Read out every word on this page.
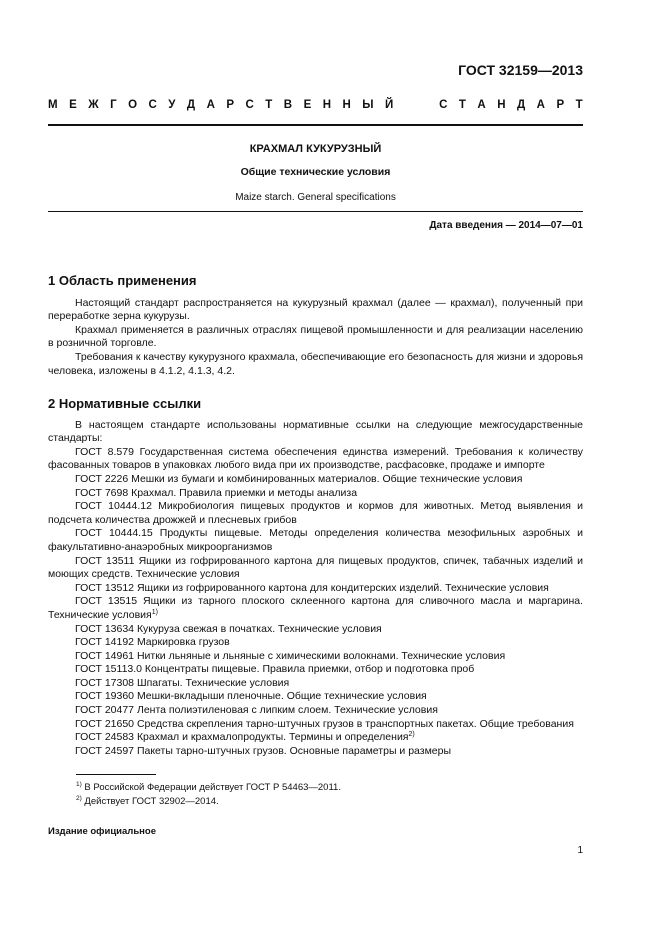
ГОСТ 32159—2013
М Е Ж Г О С У Д А Р С Т В Е Н Н Ы Й	С Т А Н Д А Р Т
КРАХМАЛ КУКУРУЗНЫЙ
Общие технические условия
Maize starch. General specifications
Дата введения — 2014—07—01
1 Область применения

Настоящий стандарт распространяется на кукурузный крахмал (далее — крахмал), полученный при переработке зерна кукурузы.

Крахмал применяется в различных отраслях пищевой промышленности и для реализации населению в розничной торговле.

Требования к качеству кукурузного крахмала, обеспечивающие его безопасность для жизни и здоровья человека, изложены в 4.1.2, 4.1.3, 4.2.

2 Нормативные ссылки

В настоящем стандарте использованы нормативные ссылки на следующие межгосударственные стандарты:

ГОСТ 8.579 Государственная система обеспечения единства измерений. Требования к количеству фасованных товаров в упаковках любого вида при их производстве, расфасовке, продаже и импорте

ГОСТ 2226 Мешки из бумаги и комбинированных материалов. Общие технические условия

ГОСТ 7698 Крахмал. Правила приемки и методы анализа

ГОСТ 10444.12 Микробиология пищевых продуктов и кормов для животных. Метод выявления и подсчета количества дрожжей и плесневых грибов

ГОСТ 10444.15 Продукты пищевые. Методы определения количества мезофильных аэробных и факультативно-анаэробных микроорганизмов

ГОСТ 13511 Ящики из гофрированного картона для пищевых продуктов, спичек, табачных изделий и моющих средств. Технические условия

ГОСТ 13512 Ящики из гофрированного картона для кондитерских изделий. Технические условия

ГОСТ 13515 Ящики из тарного плоского склеенного картона для сливочного масла и маргарина. Технические условия$^{1)}$

ГОСТ 13634 Кукуруза свежая в початках. Технические условия

ГОСТ 14192 Маркировка грузов

ГОСТ 14961 Нитки льняные и льняные с химическими волокнами. Технические условия

ГОСТ 15113.0 Концентраты пищевые. Правила приемки, отбор и подготовка проб

ГОСТ 17308 Шпагаты. Технические условия

ГОСТ 19360 Мешки-вкладыши пленочные. Общие технические условия

ГОСТ 20477 Лента полиэтиленовая с липким слоем. Технические условия

ГОСТ 21650 Средства скрепления тарно-штучных грузов в транспортных пакетах. Общие требования

ГОСТ 24583 Крахмал и крахмалопродукты. Термины и определения$^{2)}$

ГОСТ 24597 Пакеты тарно-штучных грузов. Основные параметры и размеры

$^{1)}$ В Российской Федерации действует ГОСТ Р 54463—2011.
$^{2)}$ Действует ГОСТ 32902—2014.
Издание официальное
1
